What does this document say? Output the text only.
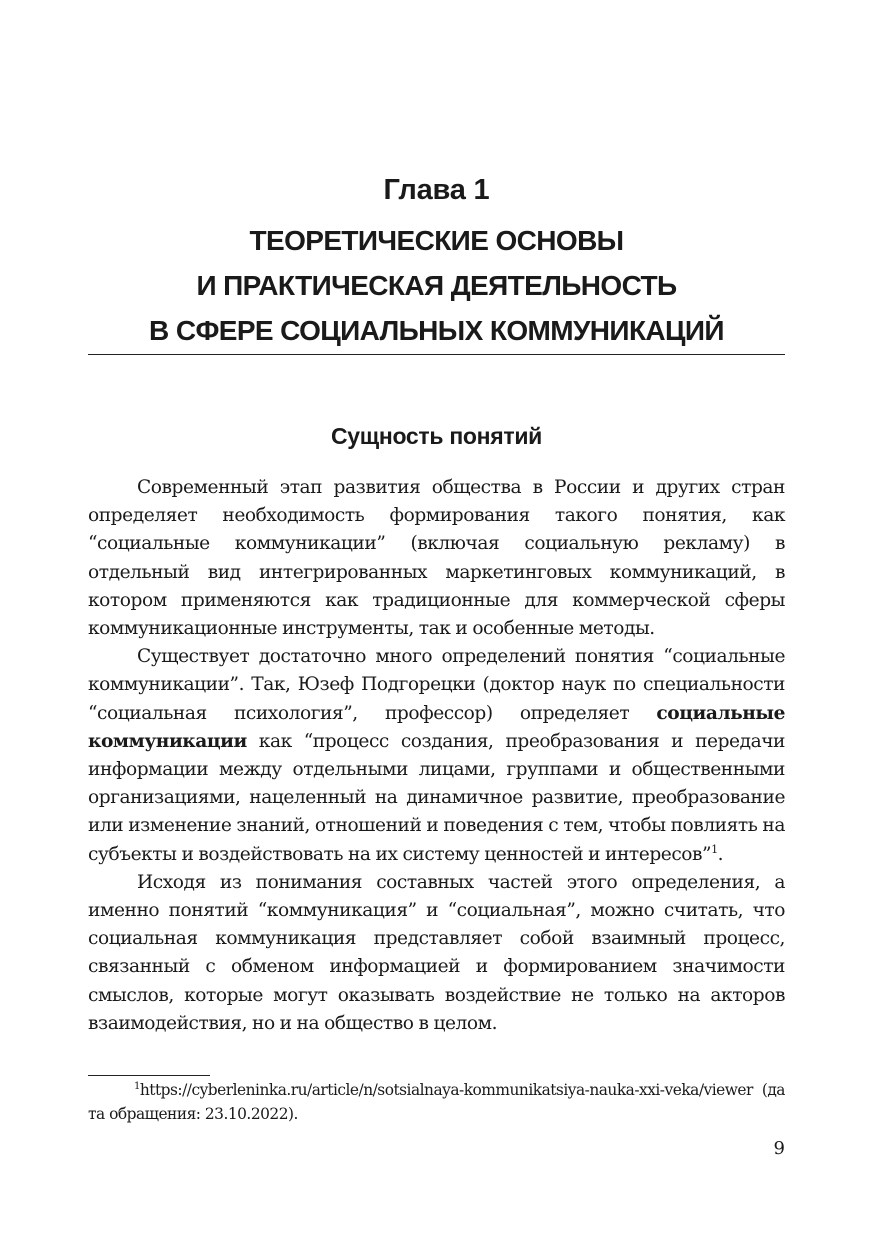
Глава 1
ТЕОРЕТИЧЕСКИЕ ОСНОВЫ
И ПРАКТИЧЕСКАЯ ДЕЯТЕЛЬНОСТЬ
В СФЕРЕ СОЦИАЛЬНЫХ КОММУНИКАЦИЙ
Сущность понятий

Современный этап развития общества в России и других стран определяет необходимость формирования такого понятия, как “социальные коммуникации” (включая социальную рекламу) в отдельный вид интегрированных маркетинговых коммуникаций, в котором применяются как традиционные для коммерческой сферы коммуникационные инструменты, так и особенные методы.

Существует достаточно много определений понятия “социальные коммуникации”. Так, Юзеф Подгорецки (доктор наук по специальности “социальная психология”, профессор) определяет социальные коммуникации как “процесс создания, преобразования и передачи информации между отдельными лицами, группами и общественными организациями, нацеленный на динамичное развитие, преобразование или изменение знаний, отношений и поведения с тем, чтобы повлиять на субъекты и воздействовать на их систему ценностей и интересов”$^1$.

Исходя из понимания составных частей этого определения, а именно понятий “коммуникация” и “социальная”, можно считать, что социальная коммуникация представляет собой взаимный процесс, связанный с обменом информацией и формированием значимости смыслов, которые могут оказывать воздействие не только на акторов взаимодействия, но и на общество в целом.

$^1$https://cyberleninka.ru/article/n/sotsialnaya-kommunikatsiya-nauka-xxi-veka/viewer (дата обращения: 23.10.2022).
9
